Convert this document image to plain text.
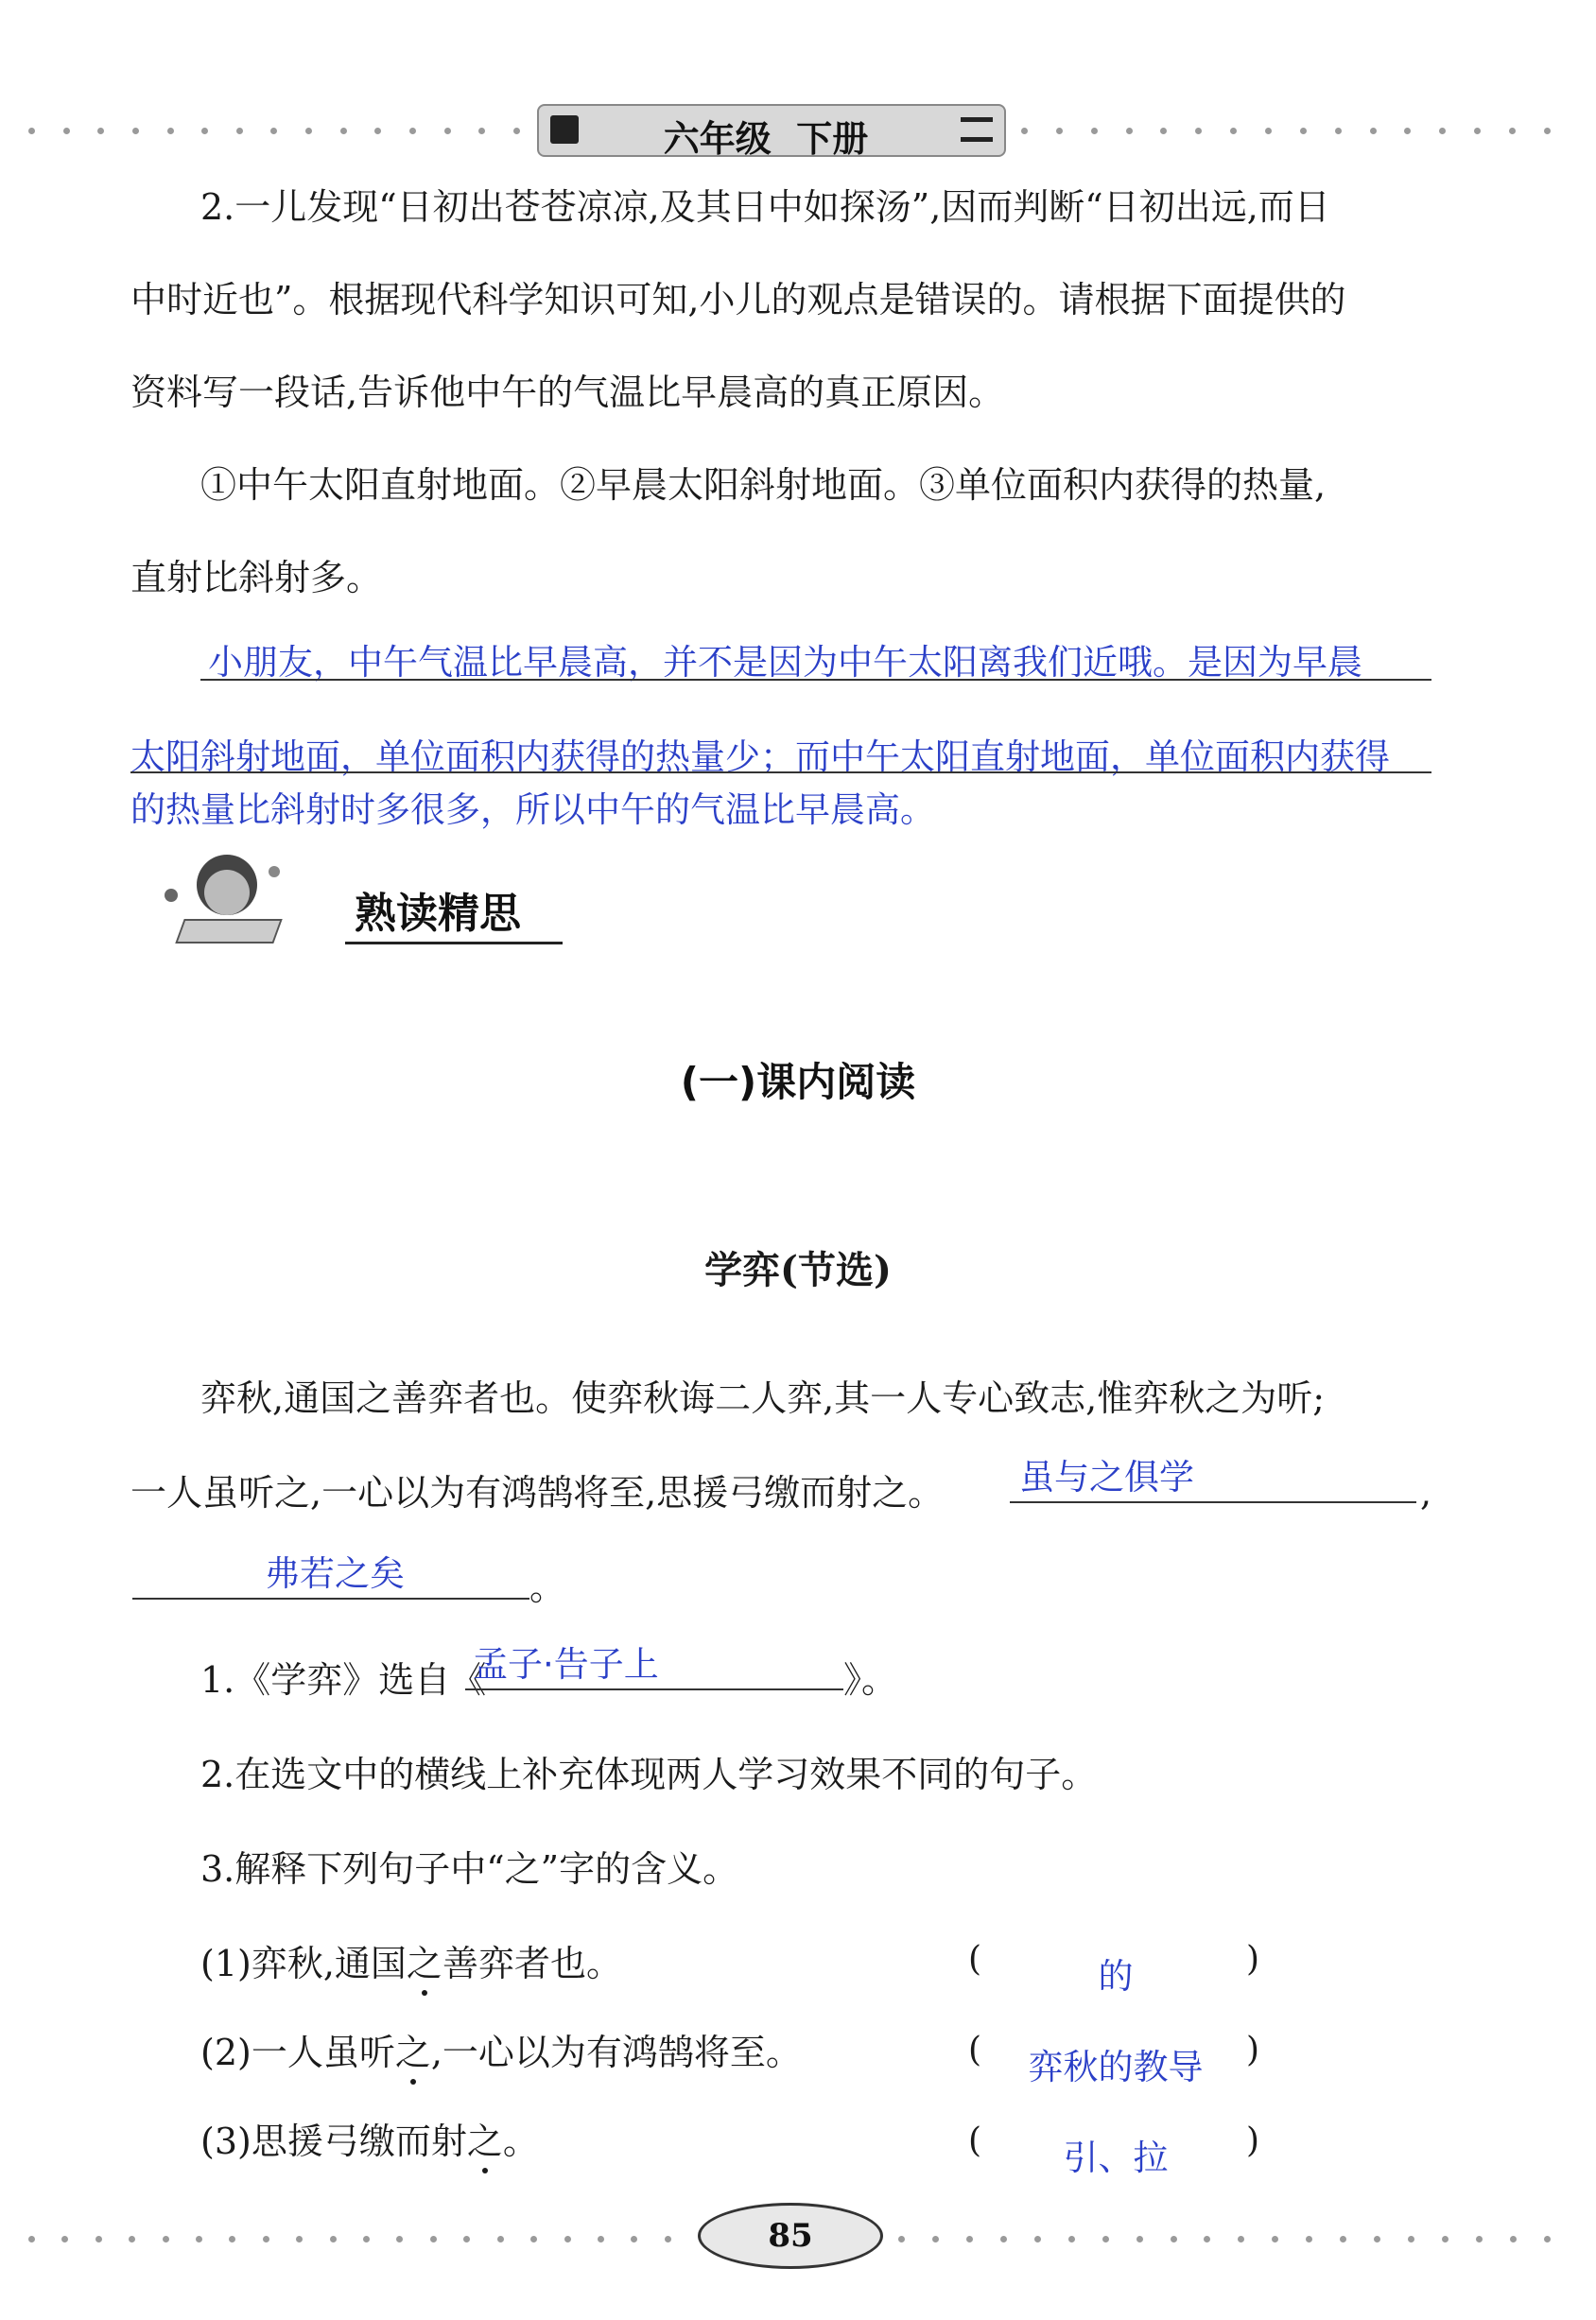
六年级  下册
2.一儿发现“日初出苍苍凉凉,及其日中如探汤”,因而判断“日初出远,而日
中时近也”。根据现代科学知识可知,小儿的观点是错误的。请根据下面提供的
资料写一段话,告诉他中午的气温比早晨高的真正原因。
①中午太阳直射地面。②早晨太阳斜射地面。③单位面积内获得的热量,
直射比斜射多。
小朋友，中午气温比早晨高，并不是因为中午太阳离我们近哦。是因为早晨
太阳斜射地面，单位面积内获得的热量少；而中午太阳直射地面，单位面积内获得
的热量比斜射时多很多，所以中午的气温比早晨高。
熟读精思
(一)课内阅读
学弈(节选)
弈秋,通国之善弈者也。使弈秋诲二人弈,其一人专心致志,惟弈秋之为听;
一人虽听之,一心以为有鸿鹄将至,思援弓缴而射之。 虽与之俱学	,
弗若之矣	。
1.《学弈》选自《
孟子·告子上	》。
2.在选文中的横线上补充体现两人学习效果不同的句子。
3.解释下列句子中“之”字的含义。
(1)弈秋,通国之善弈者也。	(	的	)
(2)一人虽听之,一心以为有鸿鹄将至。	( 弈秋的教导 )
(3)思援弓缴而射之。	(	引、拉	)
85
